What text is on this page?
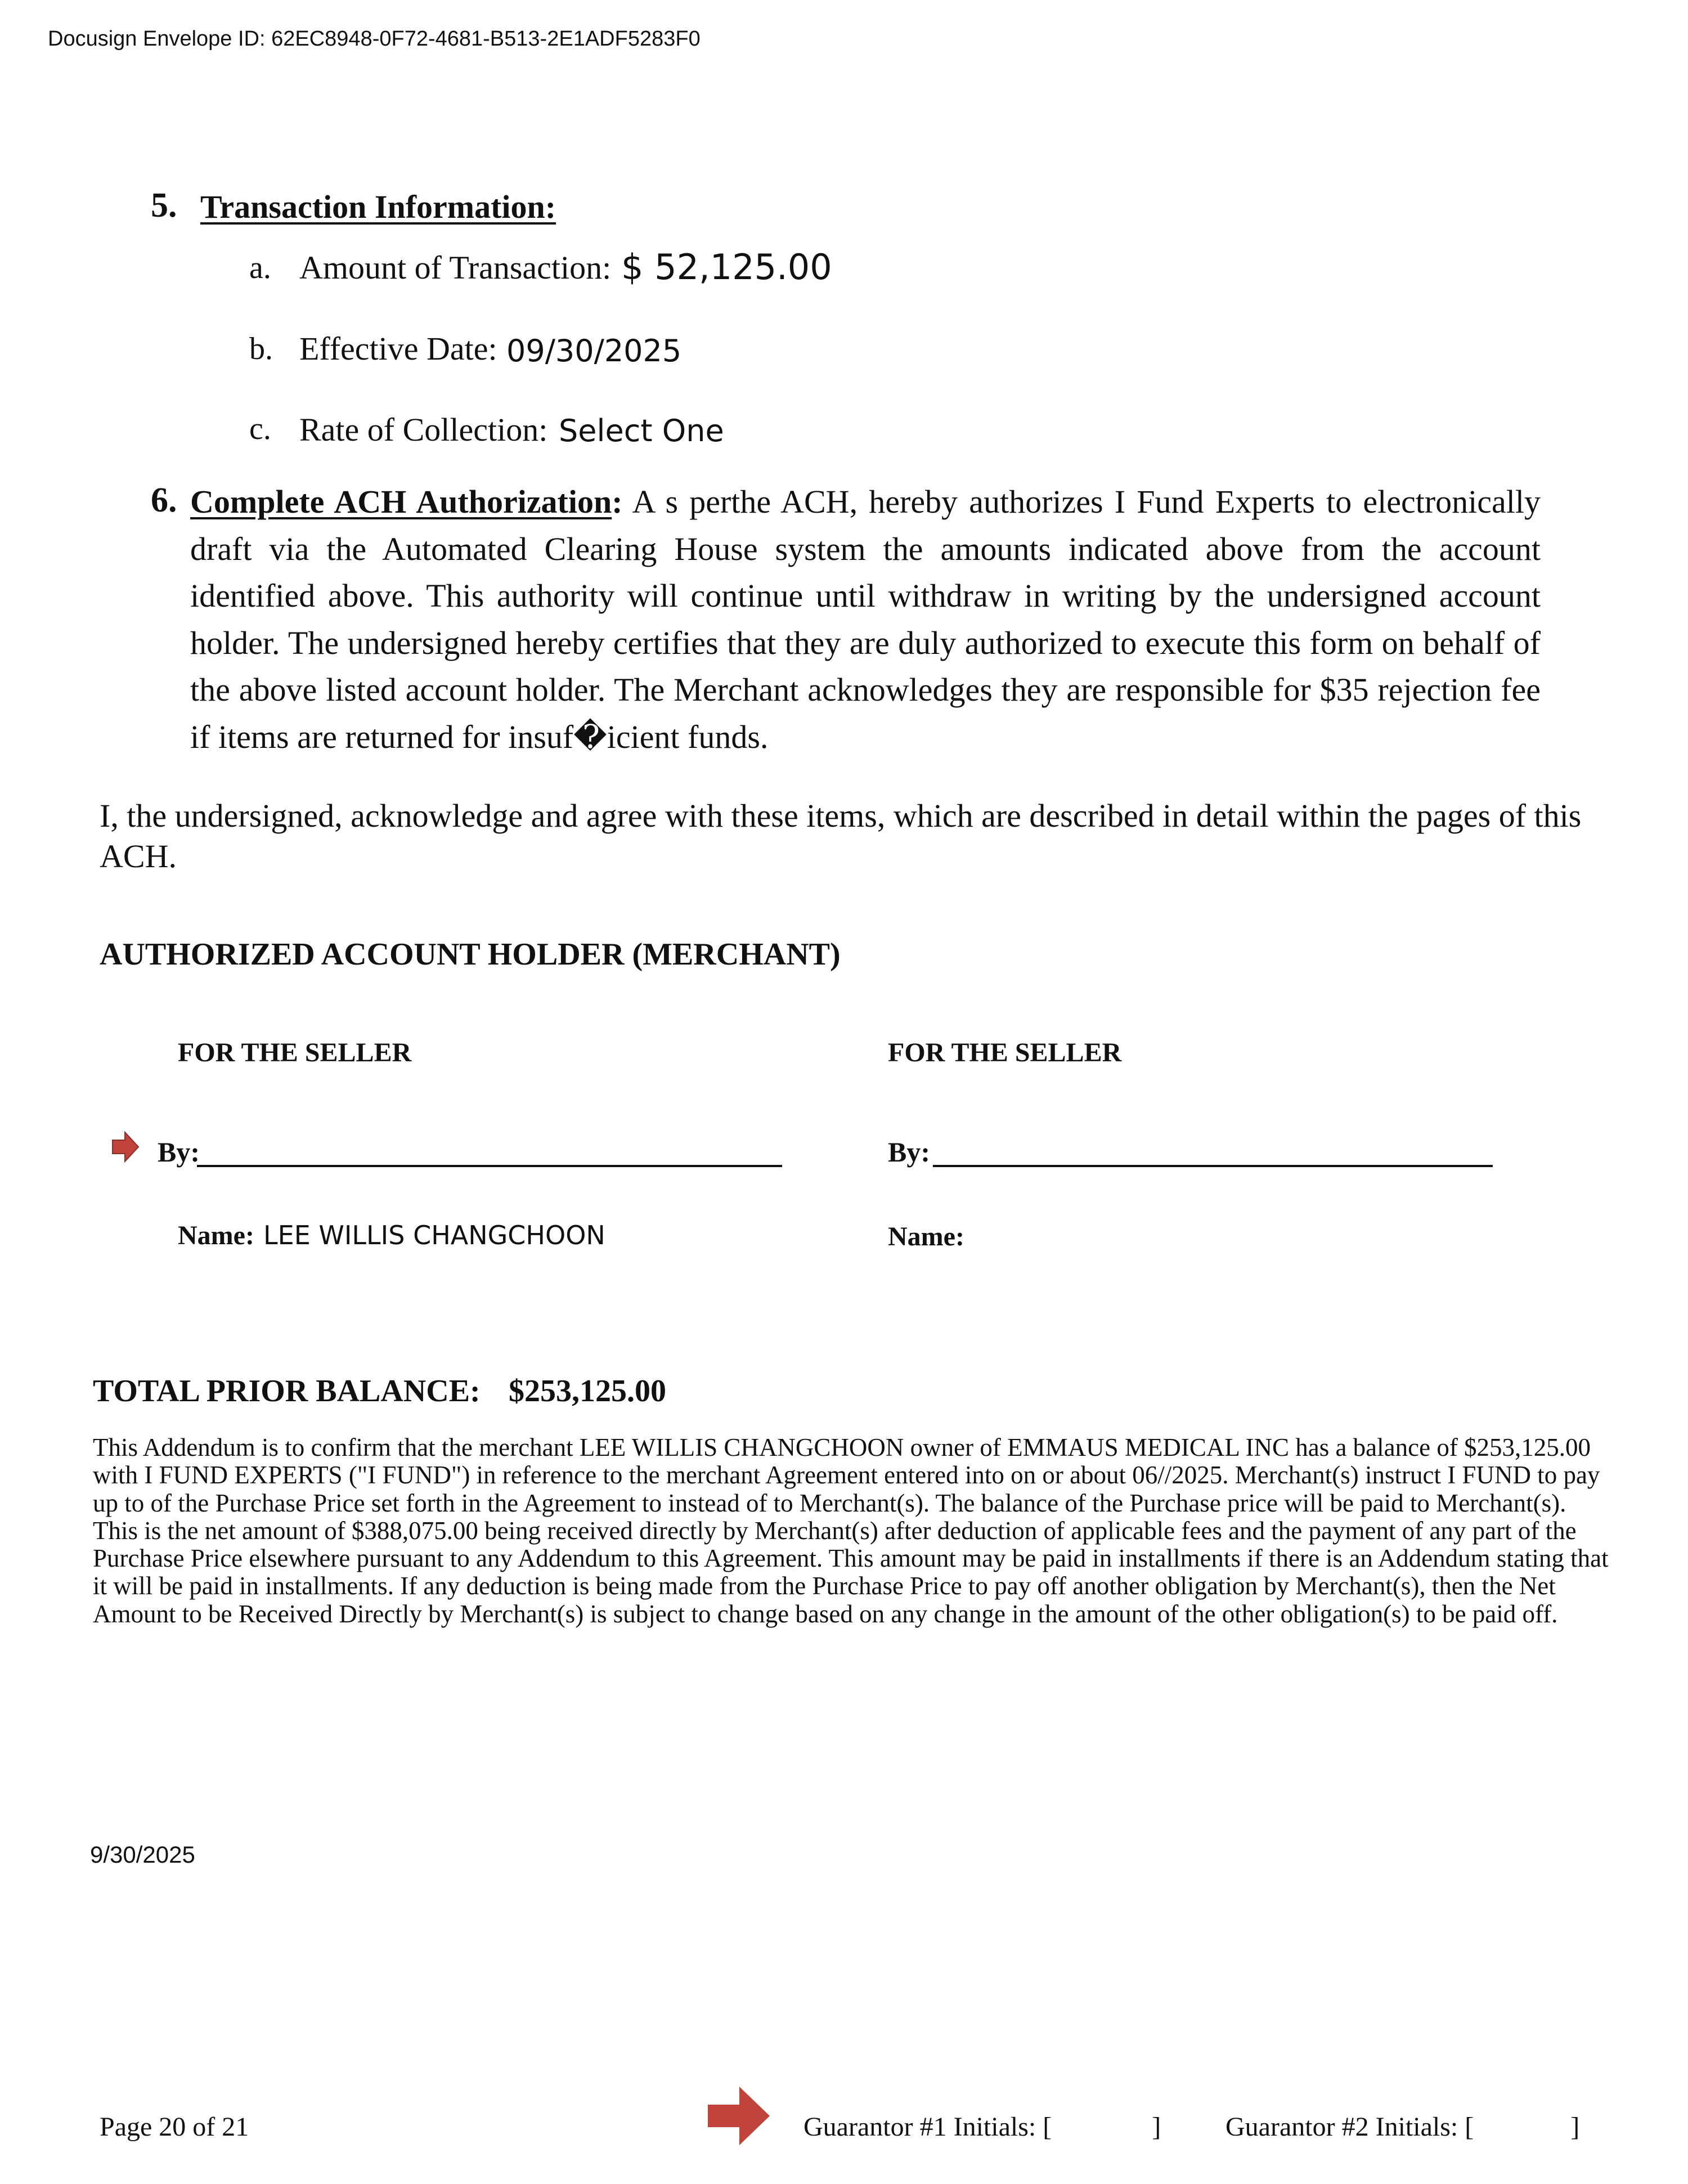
Docusign Envelope ID: 62EC8948-0F72-4681-B513-2E1ADF5283F0
5. Transaction Information:
a. Amount of Transaction: $ 52,125.00
b. Effective Date: 09/30/2025
c. Rate of Collection: Select One
6. Complete ACH Authorization: A s perthe ACH, hereby authorizes I Fund Experts to electronically draft via the Automated Clearing House system the amounts indicated above from the account identified above. This authority will continue until withdraw in writing by the undersigned account holder. The undersigned hereby certifies that they are duly authorized to execute this form on behalf of the above listed account holder. The Merchant acknowledges they are responsible for $35 rejection fee if items are returned for insuf�icient funds.
I, the undersigned, acknowledge and agree with these items, which are described in detail within the pages of this ACH.
AUTHORIZED ACCOUNT HOLDER (MERCHANT)
FOR THE SELLER	FOR THE SELLER
By:	By:
Name: LEE WILLIS CHANGCHOON	Name:
TOTAL PRIOR BALANCE: $253,125.00
This Addendum is to confirm that the merchant LEE WILLIS CHANGCHOON owner of EMMAUS MEDICAL INC has a balance of $253,125.00 with I FUND EXPERTS ("I FUND") in reference to the merchant Agreement entered into on or about 06//2025. Merchant(s) instruct I FUND to pay up to of the Purchase Price set forth in the Agreement to instead of to Merchant(s). The balance of the Purchase price will be paid to Merchant(s). This is the net amount of $388,075.00 being received directly by Merchant(s) after deduction of applicable fees and the payment of any part of the Purchase Price elsewhere pursuant to any Addendum to this Agreement. This amount may be paid in installments if there is an Addendum stating that it will be paid in installments. If any deduction is being made from the Purchase Price to pay off another obligation by Merchant(s), then the Net Amount to be Received Directly by Merchant(s) is subject to change based on any change in the amount of the other obligation(s) to be paid off.
9/30/2025
Page 20 of 21	Guarantor #1 Initials: [	] Guarantor #2 Initials: [	]
